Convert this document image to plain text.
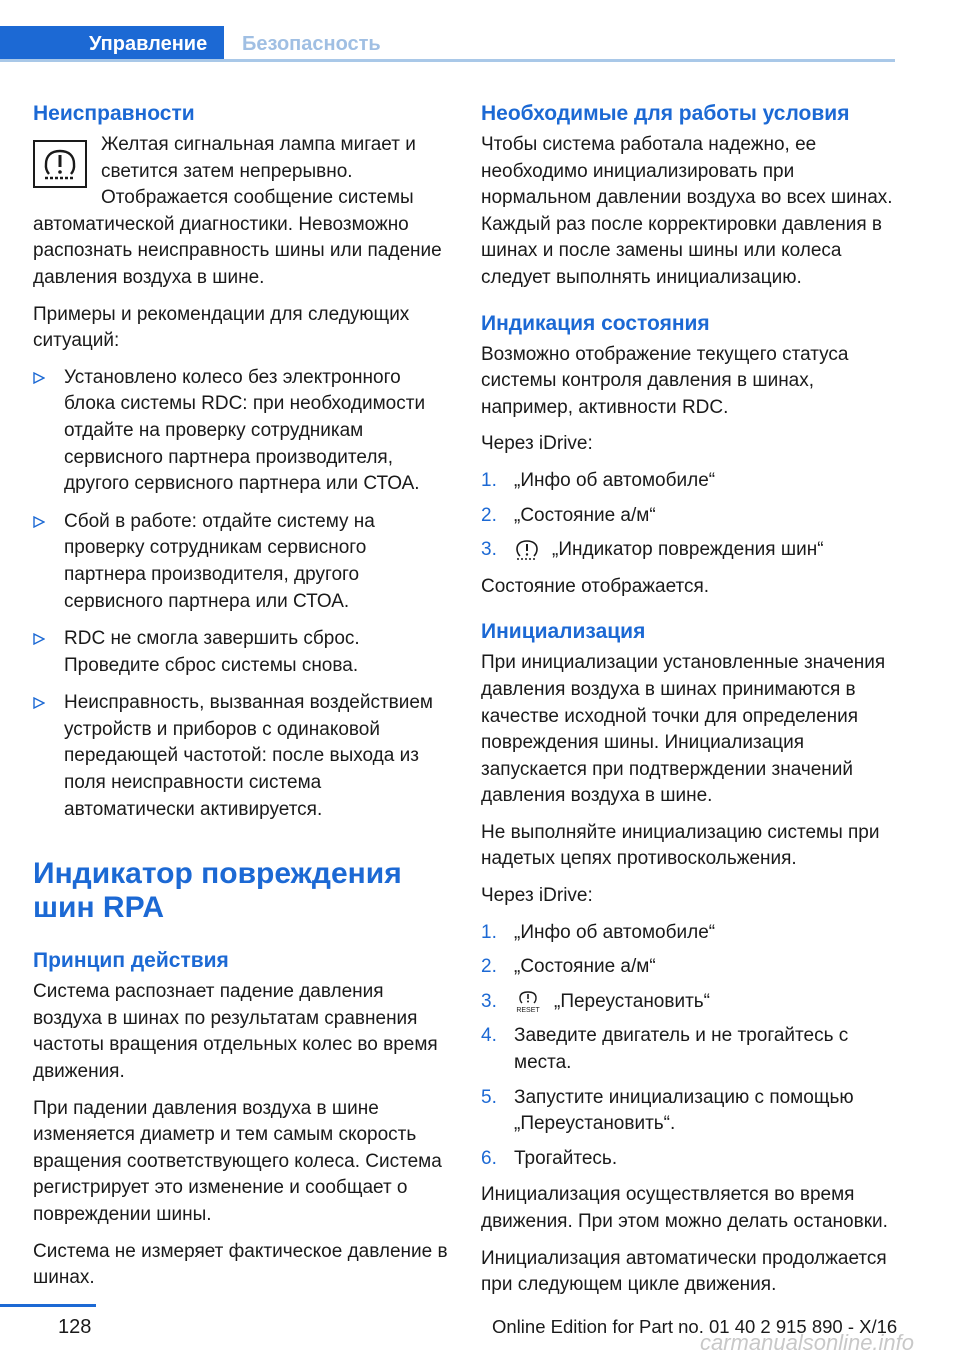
Управление	Безопасность
Неисправности

Желтая сигнальная лампа мигает и светится затем непрерывно. Отображается сообщение системы автоматической диагностики. Невозможно распознать неисправность шины или падение давления воздуха в шине.

Примеры и рекомендации для следующих ситуаций:

Установлено колесо без электронного блока системы RDC: при необходимости отдайте на проверку сотрудникам сервисного партнера производителя, другого сервисного партнера или СТОА.
Сбой в работе: отдайте систему на проверку сотрудникам сервисного партнера производителя, другого сервисного партнера или СТОА.
RDC не смогла завершить сброс. Проведите сброс системы снова.
Неисправность, вызванная воздействием устройств и приборов с одинаковой передающей частотой: после выхода из поля неисправности система автоматически активируется.
Индикатор повреждения шин RPA
Принцип действия

Система распознает падение давления воздуха в шинах по результатам сравнения частоты вращения отдельных колес во время движения.

При падении давления воздуха в шине изменяется диаметр и тем самым скорость вращения соответствующего колеса. Система регистрирует это изменение и сообщает о повреждении шины.

Система не измеряет фактическое давление в шинах.

Необходимые для работы условия

Чтобы система работала надежно, ее необходимо инициализировать при нормальном давлении воздуха во всех шинах. Каждый раз после корректировки давления в шинах и после замены шины или колеса следует выполнять инициализацию.

Индикация состояния

Возможно отображение текущего статуса системы контроля давления в шинах, например, активности RDC.

Через iDrive:

1. „Инфо об автомобиле“
2. „Состояние а/м“
3.	„Индикатор повреждения шин“

Состояние отображается.

Инициализация

При инициализации установленные значения давления воздуха в шинах принимаются в качестве исходной точки для определения повреждения шины. Инициализация запускается при подтверждении значений давления воздуха в шине.

Не выполняйте инициализацию системы при надетых цепях противоскольжения.

Через iDrive:

1. „Инфо об автомобиле“
2. „Состояние а/м“
3.	RESET „Переустановить“
4. Заведите двигатель и не трогайтесь с места.
5. Запустите инициализацию с помощью „Переустановить“.
6. Трогайтесь.

Инициализация осуществляется во время движения. При этом можно делать остановки.

Инициализация автоматически продолжается при следующем цикле движения.

128	Online Edition for Part no. 01 40 2 915 890 - X/16
carmanualsonline.info
